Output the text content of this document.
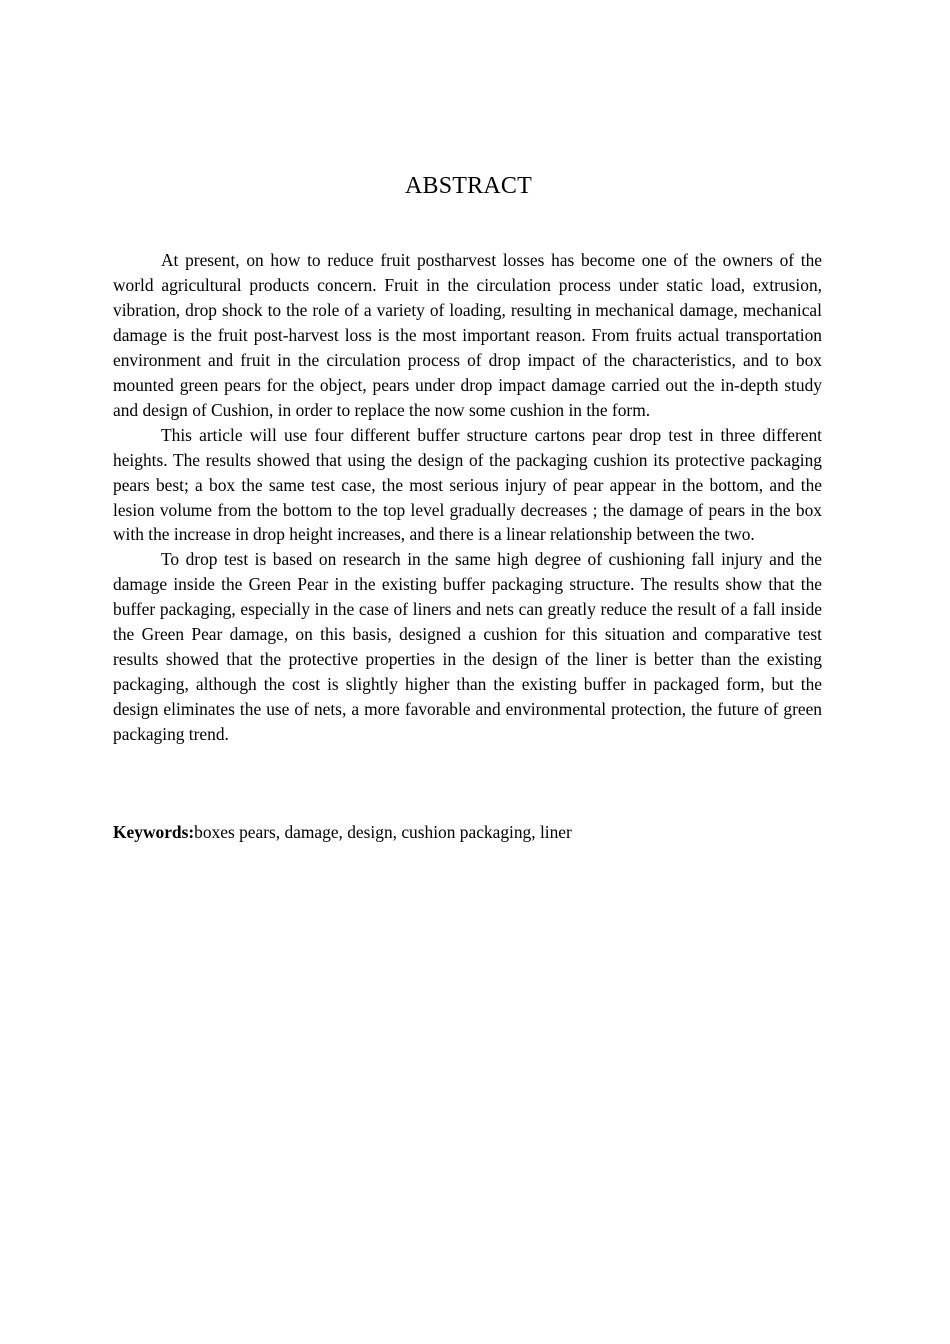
ABSTRACT

At present, on how to reduce fruit postharvest losses has become one of the owners of the world agricultural products concern. Fruit in the circulation process under static load, extrusion, vibration, drop shock to the role of a variety of loading, resulting in mechanical damage, mechanical damage is the fruit post-harvest loss is the most important reason. From fruits actual transportation environment and fruit in the circulation process of drop impact of the characteristics, and to box mounted green pears for the object, pears under drop impact damage carried out the in-depth study and design of Cushion, in order to replace the now some cushion in the form.

This article will use four different buffer structure cartons pear drop test in three different heights. The results showed that using the design of the packaging cushion its protective packaging pears best; a box the same test case, the most serious injury of pear appear in the bottom, and the lesion volume from the bottom to the top level gradually decreases ; the damage of pears in the box with the increase in drop height increases, and there is a linear relationship between the two.

To drop test is based on research in the same high degree of cushioning fall injury and the damage inside the Green Pear in the existing buffer packaging structure. The results show that the buffer packaging, especially in the case of liners and nets can greatly reduce the result of a fall inside the Green Pear damage, on this basis, designed a cushion for this situation and comparative test results showed that the protective properties in the design of the liner is better than the existing packaging, although the cost is slightly higher than the existing buffer in packaged form, but the design eliminates the use of nets, a more favorable and environmental protection, the future of green packaging trend.

Keywords:boxes pears, damage, design, cushion packaging, liner
